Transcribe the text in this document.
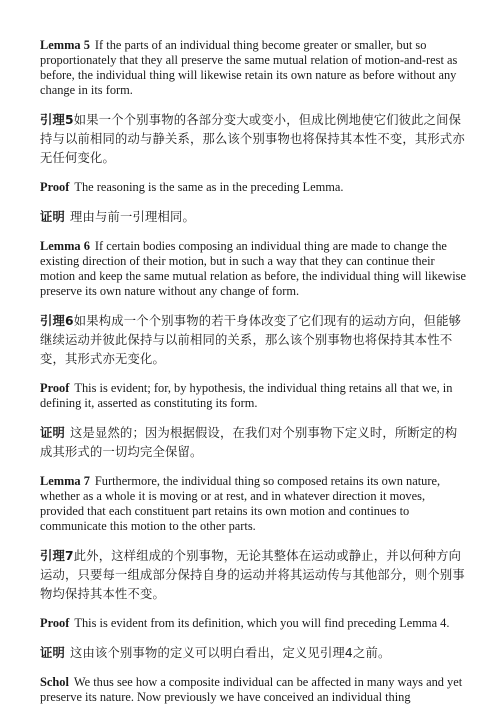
Lemma 5 If the parts of an individual thing become greater or smaller, but so proportionately that they all preserve the same mutual relation of motion-and-rest as before, the individual thing will likewise retain its own nature as before without any change in its form.

引理5如果一个个别事物的各部分变大或变小，但成比例地使它们彼此之间保持与以前相同的动与静关系，那么该个别事物也将保持其本性不变，其形式亦无任何变化。

Proof The reasoning is the same as in the preceding Lemma.

证明 理由与前一引理相同。

Lemma 6 If certain bodies composing an individual thing are made to change the existing direction of their motion, but in such a way that they can continue their motion and keep the same mutual relation as before, the individual thing will likewise preserve its own nature without any change of form.

引理6如果构成一个个别事物的若干身体改变了它们现有的运动方向，但能够继续运动并彼此保持与以前相同的关系，那么该个别事物也将保持其本性不变，其形式亦无变化。

Proof This is evident; for, by hypothesis, the individual thing retains all that we, in defining it, asserted as constituting its form.

证明 这是显然的；因为根据假设，在我们对个别事物下定义时，所断定的构成其形式的一切均完全保留。

Lemma 7 Furthermore, the individual thing so composed retains its own nature, whether as a whole it is moving or at rest, and in whatever direction it moves, provided that each constituent part retains its own motion and continues to communicate this motion to the other parts.

引理7此外，这样组成的个别事物，无论其整体在运动或静止，并以何种方向运动，只要每一组成部分保持自身的运动并将其运动传与其他部分，则个别事物均保持其本性不变。

Proof This is evident from its definition, which you will find preceding Lemma 4.

证明 这由该个别事物的定义可以明白看出，定义见引理4之前。

Schol We thus see how a composite individual can be affected in many ways and yet preserve its nature. Now previously we have conceived an individual thing
